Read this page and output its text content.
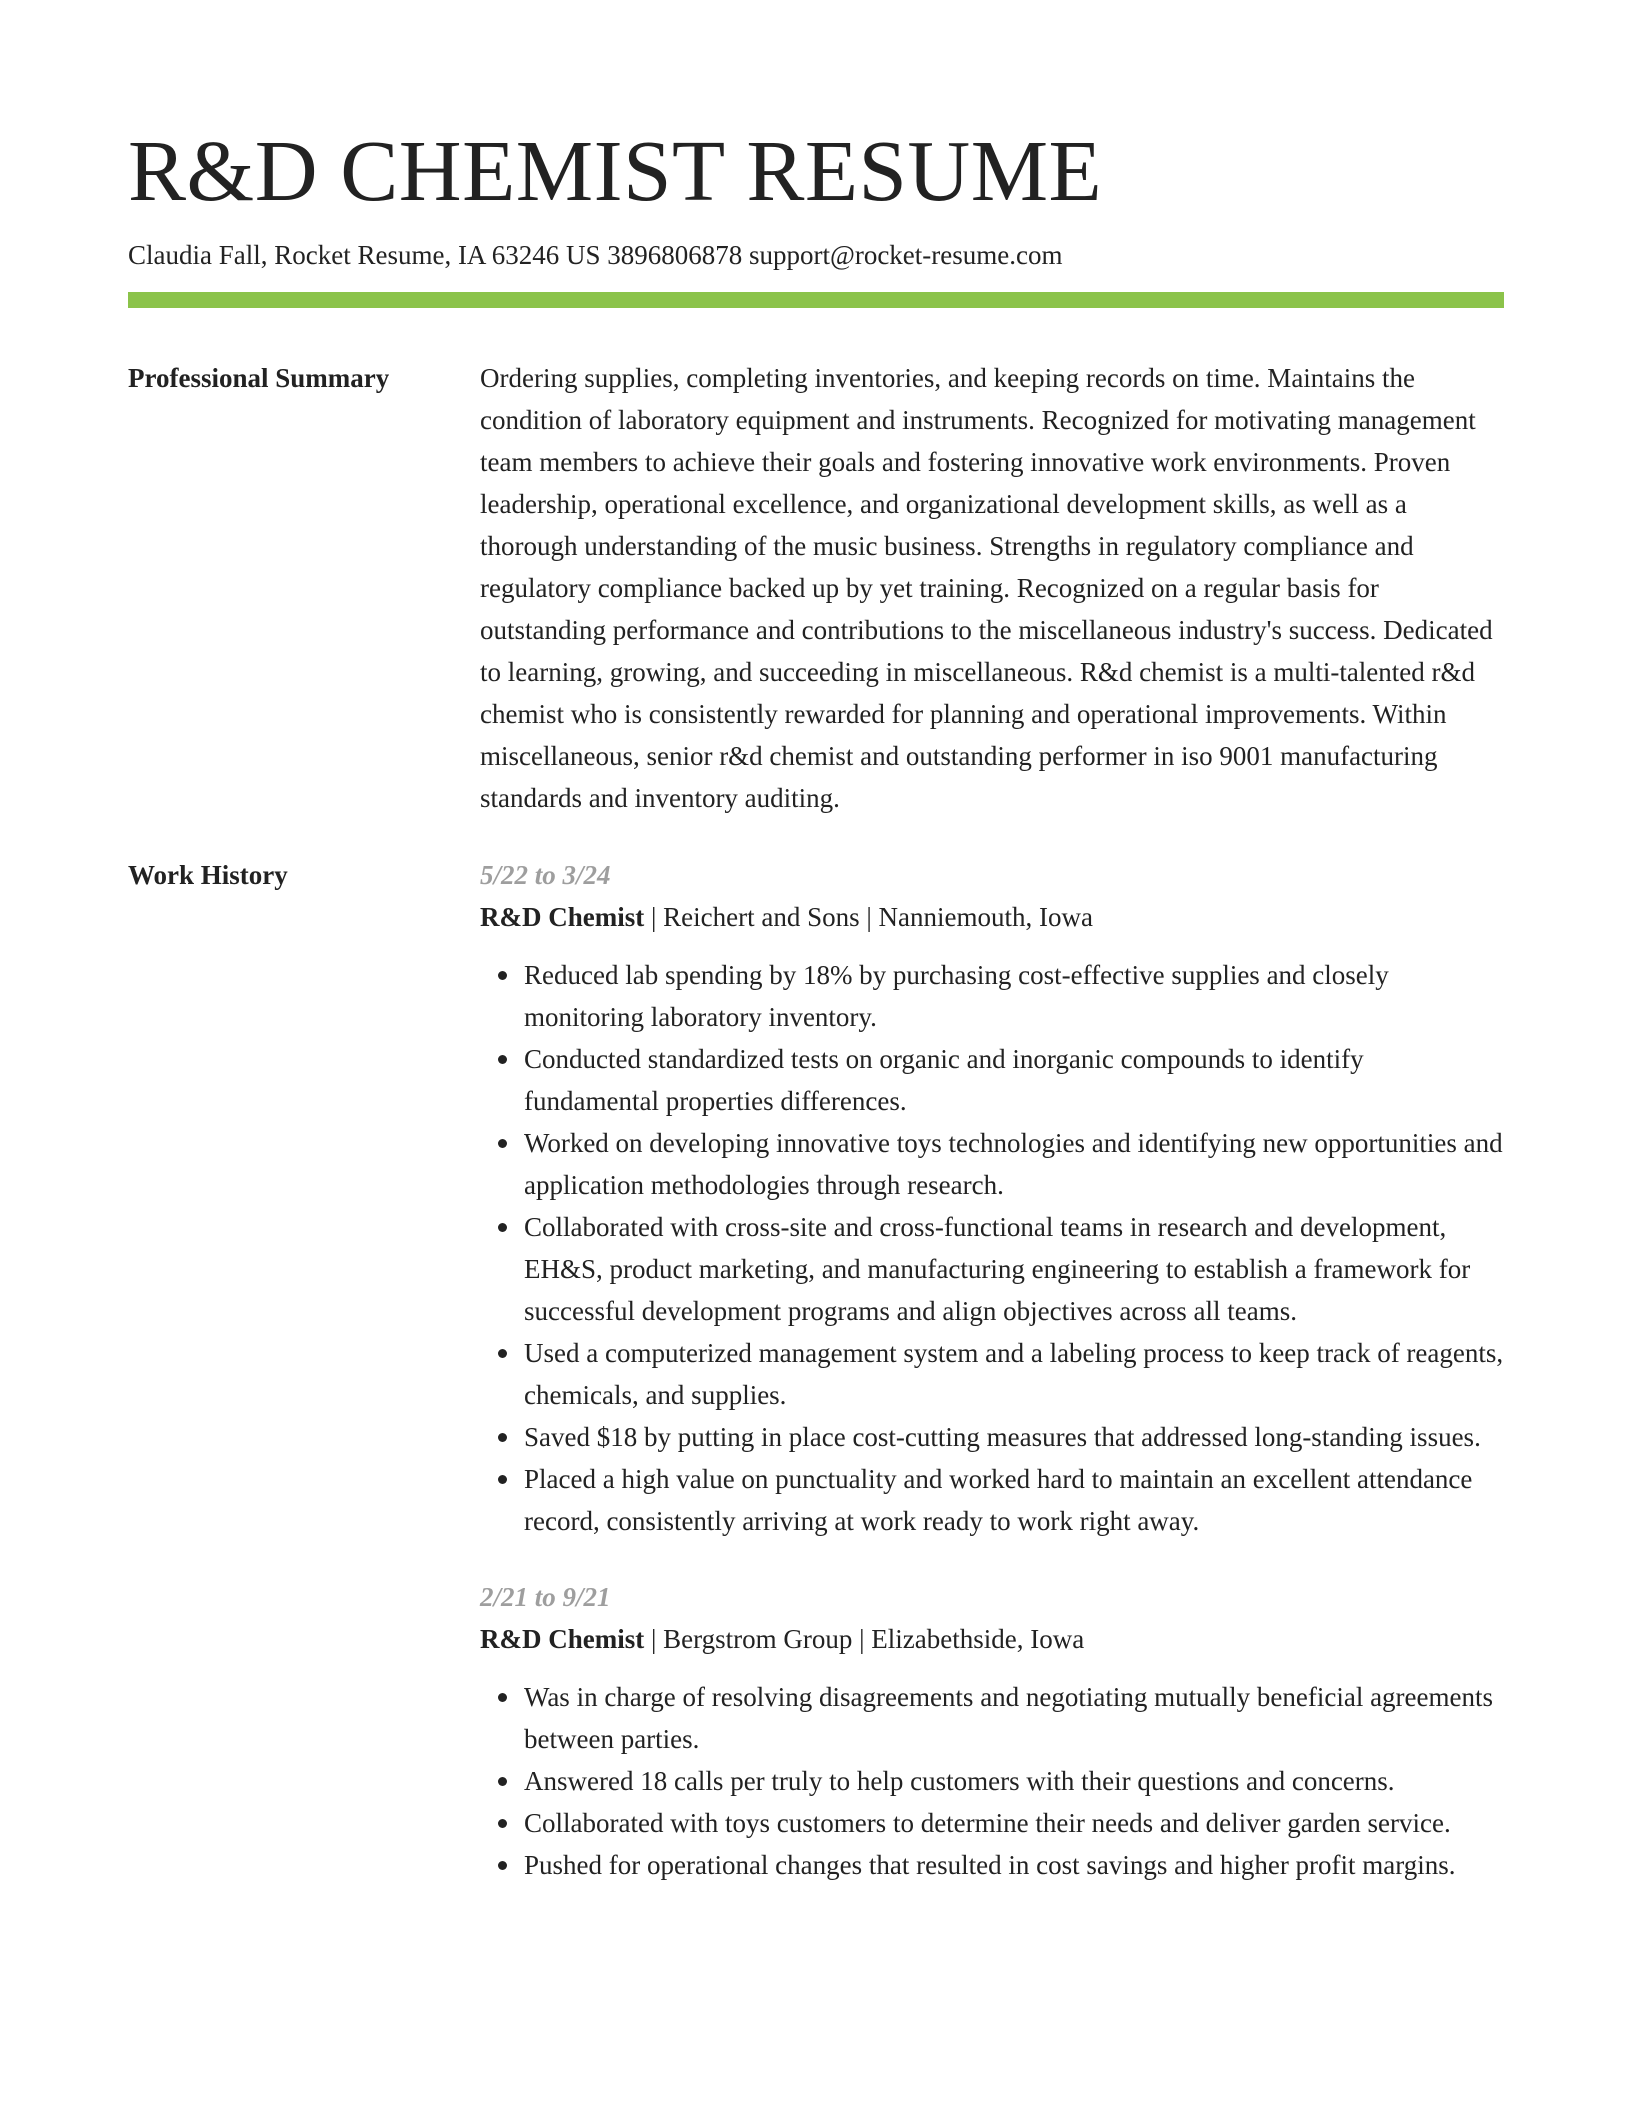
R&D CHEMIST RESUME
Claudia Fall, Rocket Resume, IA 63246 US 3896806878 support@rocket-resume.com
Professional Summary	Ordering supplies, completing inventories, and keeping records on time. Maintains the condition of laboratory equipment and instruments. Recognized for motivating management team members to achieve their goals and fostering innovative work environments. Proven leadership, operational excellence, and organizational development skills, as well as a thorough understanding of the music business. Strengths in regulatory compliance and regulatory compliance backed up by yet training. Recognized on a regular basis for outstanding performance and contributions to the miscellaneous industry's success. Dedicated to learning, growing, and succeeding in miscellaneous. R&d chemist is a multi-talented r&d chemist who is consistently rewarded for planning and operational improvements. Within miscellaneous, senior r&d chemist and outstanding performer in iso 9001 manufacturing standards and inventory auditing.

Work History	5/22 to 3/24
R&D Chemist | Reichert and Sons | Nanniemouth, Iowa
Reduced lab spending by 18% by purchasing cost-effective supplies and closely monitoring laboratory inventory.
Conducted standardized tests on organic and inorganic compounds to identify fundamental properties differences.
Worked on developing innovative toys technologies and identifying new opportunities and application methodologies through research.
Collaborated with cross-site and cross-functional teams in research and development, EH&S, product marketing, and manufacturing engineering to establish a framework for successful development programs and align objectives across all teams.
Used a computerized management system and a labeling process to keep track of reagents, chemicals, and supplies.
Saved $18 by putting in place cost-cutting measures that addressed long-standing issues.
Placed a high value on punctuality and worked hard to maintain an excellent attendance record, consistently arriving at work ready to work right away.
2/21 to 9/21
R&D Chemist | Bergstrom Group | Elizabethside, Iowa
Was in charge of resolving disagreements and negotiating mutually beneficial agreements between parties.
Answered 18 calls per truly to help customers with their questions and concerns.
Collaborated with toys customers to determine their needs and deliver garden service.
Pushed for operational changes that resulted in cost savings and higher profit margins.
